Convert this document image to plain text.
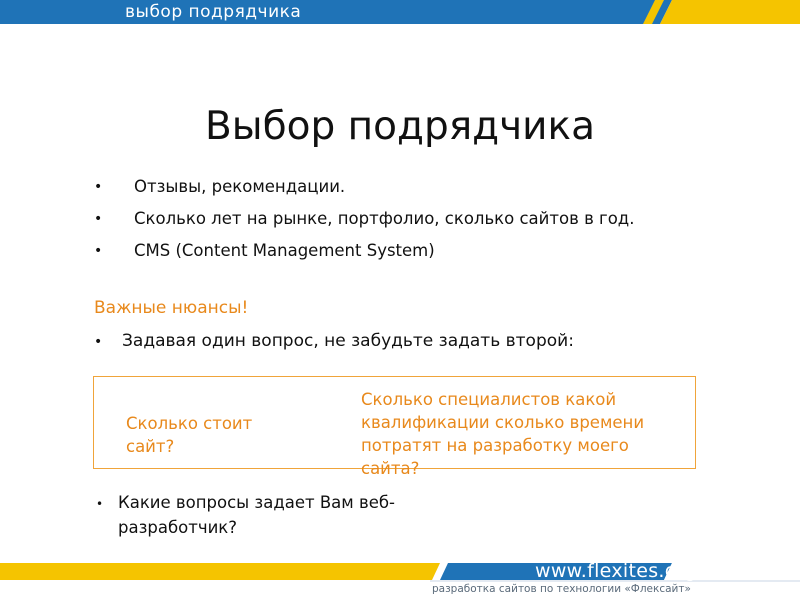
выбор подрядчика
Выбор подрядчика
• Отзывы, рекомендации.
• Сколько лет на рынке, портфолио, сколько сайтов в год.
• CMS (Content Management System)
Важные нюансы!
• Задавая один вопрос, не забудьте задать второй:
Сколько стоит сайт?
Сколько специалистов какой квалификации сколько времени потратят на разработку моего сайта?
• Какие вопросы задает Вам веб-
разработчик?
www.flexites.org
разработка сайтов по технологии «Флексайт»
